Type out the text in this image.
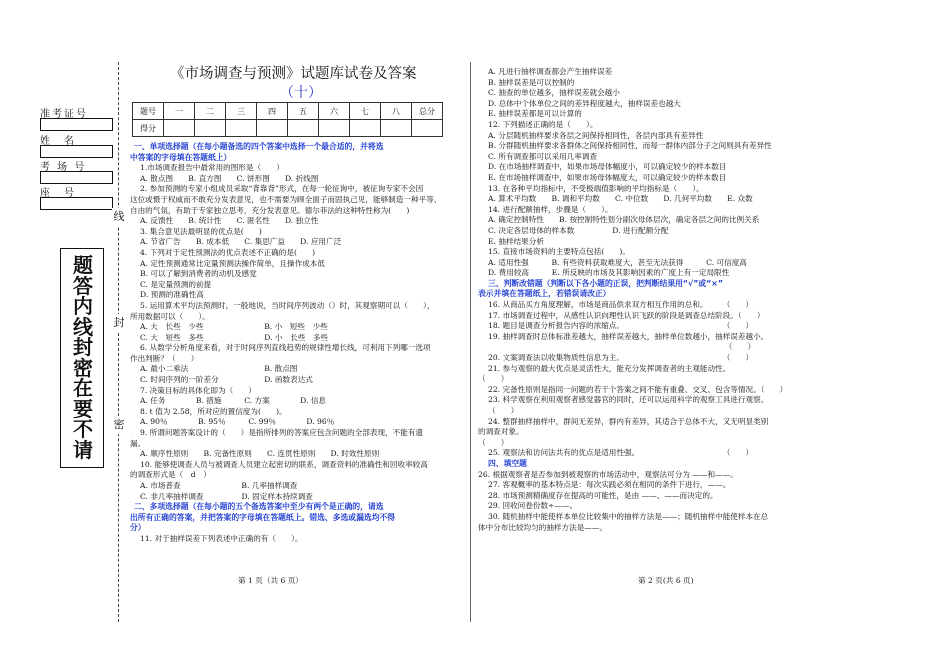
准考证号
姓　名
考 场 号
座　号
题答内线封密在要不请
线
封
密
《市场调查与预测》试题库试卷及答案
（十）
题号	一	二	三	四	五	六	七	八	总分
得分									

一、单项选择题（在每小题备选的四个答案中选择一个最合适的，并将选

中答案的字母填在答题纸上）

1.市场调查报告中最常用的图形是（　　）

A. 散点图　　B. 直方图　　C. 饼形图　　D. 折线图

2. 参加预测的专家小组成员采取“背靠背”形式，在每一轮征询中，被征询专家不会因

这位或慑于权威而不敢充分发表意见，也不需要为顾全面子而固执己见，能够制造一种平等、

自由的气氛，有助于专家独立思考，充分发表意见。德尔菲法的这种特性称为(　　)

A. 反馈性　　B. 统计性　　C. 匿名性　　D. 独立性

3. 集合意见法最明显的优点是(　　)

A. 节省广告　　B. 成本低　　C. 集思广益　　D. 应用广泛

4. 下列对于定性预测法的优点表述不正确的是(　　)

A. 定性预测通常比定量预测法操作简单，且操作成本低

B. 可以了解到消费者的动机及感觉

C. 是定量预测的前提

D. 预测的准确性高

5. 运用算术平均法预测时，一般地说，当时间序列波动（）时，其观察期可以（　　），

所用数据可以（　　）。

A. 大　长些　少些　　　　　　　　B. 小　短些　少些

C. 大　短些　多些　　　　　　　　D. 小　长些　多些

6. 从数学分析角度来看，对于时间序列直线趋势的规律性增长线，可利用下列哪一选项

作出判断？（　　）

A. 最小二乘法　　　　　　　　　　B. 散点图

C. 时间序列的一阶差分　　　　　　D. 函数表达式

7. 决策目标的具体化即为（　　）

A. 任务　　　　B. 措施　　　C. 方案　　　　D. 信息

8. t 值为 2.58，所对应的置信度为(　　)。

A. 90％　　　　B. 95％　　　C. 99％　　　　D. 96％

9. 所谓问题答案设计的（　　）是指所排列的答案应包含问题的全部表现，不能有遗

漏。

A. 顺序性原则　　B. 完备性原则　　C. 连贯性原则　　D. 时效性原则

10. 能够使调查人员与被调查人员建立起密切的联系，调查资料的准确性和回收率较高

的调查形式是（　d　）

A. 市场普查　　　　　　　　B. 几率抽样调查

C. 非几率抽样调查　　　　　D. 固定样本持续调查

二、多项选择题（在每小题的五个备选答案中至少有两个是正确的，请选

出所有正确的答案，并把答案的字母填在答题纸上。错选、多选或漏选均不得

分）

11. 对于抽样误差下列表述中正确的有（　　）。

第 1 页（共 6 页）

A. 凡进行抽样调查都会产生抽样误差

B. 抽样误差是可以控制的

C. 抽查的单位越多，抽样误差就会越小

D. 总体中个体单位之间的差异程度越大，抽样误差也越大

E. 抽样误差都是可以计算的

12. 下列描述正确的是（　　）。

A. 分层随机抽样要求各层之间保持相同性，各层内部具有差异性

B. 分群随机抽样要求各群体之间保持相同性，而每一群体内部分子之间则具有差异性

C. 所有调查都可以采用几率调查

D. 在市场抽样调查中，如果市场母体幅度小，可以确定较少的样本数目

E. 在市场抽样调查中，如果市场母体幅度大，可以确定较少的样本数目

13. 在各种平均指标中，不受极端值影响的平均指标是（　　）。

A. 算术平均数　　B. 调和平均数　　C. 中位数　　D. 几何平均数　　E. 众数

14. 进行配额抽样，步骤是（　　）。

A. 确定控制特性　　B. 按控制特性划分副次母体层次，确定各层之间的比例关系

C. 决定各层母体的样本数　　　　　D. 进行配额分配

E. 抽样结果分析

15. 直接市场资料的主要特点包括(　　)。

A. 适用性强　　　B. 有些资料获取难度大，甚至无法获得　　　C. 可信度高

D. 费用较高　　　E. 所反映的市场及其影响因素的广度上有一定局限性

三、判断改错题（判断以下各小题的正误，把判断结果用“√”或“×”

表示并填在答题纸上，若错误请改正）

16. 从商品买方角度理解，市场是商品供求双方相互作用的总和。　　　（　　）

17. 市场调查过程中，从感性认识向理性认识飞跃的阶段是调查总结阶段。（　　）

18. 题目是调查分析报告内容的浓缩点。　　　　　　　　　　　　　　（　　）

19. 抽样调查时总体标准差越大，抽样误差越大，抽样单位数越小，抽样误差越小。

　　　　　　　　　　　　　　　　　　　　　　　　　　　　　　　　　（　　）

20. 文案调查法以收集物质性信息为主。　　　　　　　　　　　　　　（　　）

21. 参与观察的最大优点是灵活性大，能充分发挥调查者的主观能动性。

（　　）

22. 完备性原则是指同一问题的若干个答案之间不能有重叠、交叉、包含等情况。（　　）

23. 科学观察在利用观察者感觉器官的同时，还可以运用科学的观察工具进行观察。

（　　）

24. 整群抽样抽样中，群间无差异，群内有差异，其适合于总体不大，又无明显类别

的调查对象。

（　　）

25. 观察法和访问法共有的优点是适用性强。　　　　　　　　　　　　（　　）

四、填空题

26. 根据观察者是否参加到被观察的市场活动中，观察法可分为 ——和——。

27. 客观概率的基本特点是：每次实践必须在相同的条件下进行，——。

28. 市场预测精确度存在提高的可能性，是由 ——、——而决定的。

29. 回收问卷份数÷——。

30. 随机抽样中能使样本单位比较集中的抽样方法是——；随机抽样中能使样本在总

体中分布比较均匀的抽样方法是——。

第 2 页(共 6 页)
